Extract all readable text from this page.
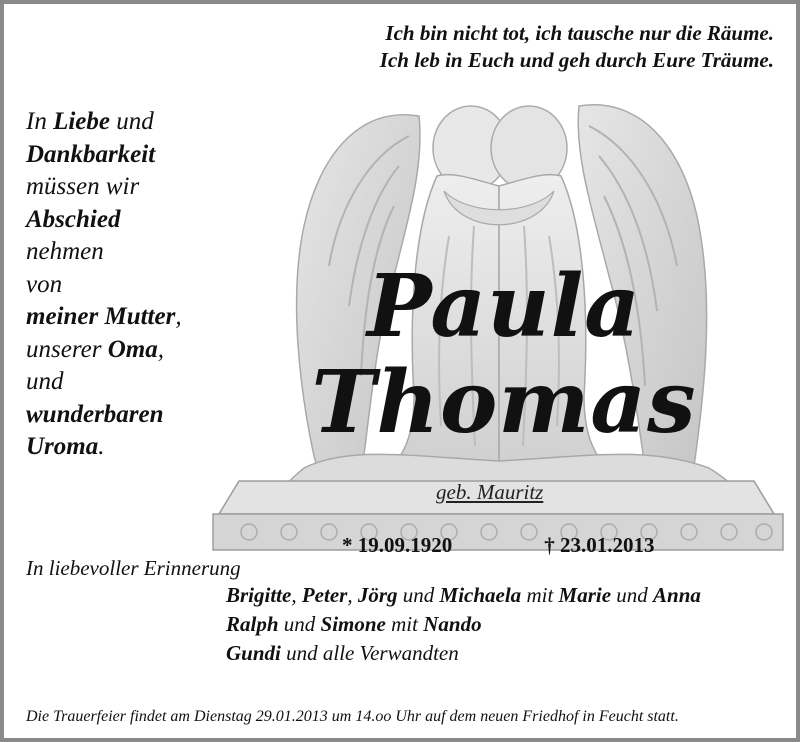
Ich bin nicht tot, ich tausche nur die Räume.
Ich leb in Euch und geh durch Eure Träume.
In Liebe und
Dankbarkeit
müssen wir
Abschied
nehmen
von
meiner Mutter,
unserer Oma,
und
wunderbaren
Uroma.
Paula
Thomas
geb. Mauritz
* 19.09.1920	† 23.01.2013
In liebevoller Erinnerung
Brigitte, Peter, Jörg und Michaela mit Marie und Anna
Ralph und Simone mit Nando
Gundi und alle Verwandten
Die Trauerfeier findet am Dienstag 29.01.2013 um 14.oo Uhr auf dem neuen Friedhof in Feucht statt.
